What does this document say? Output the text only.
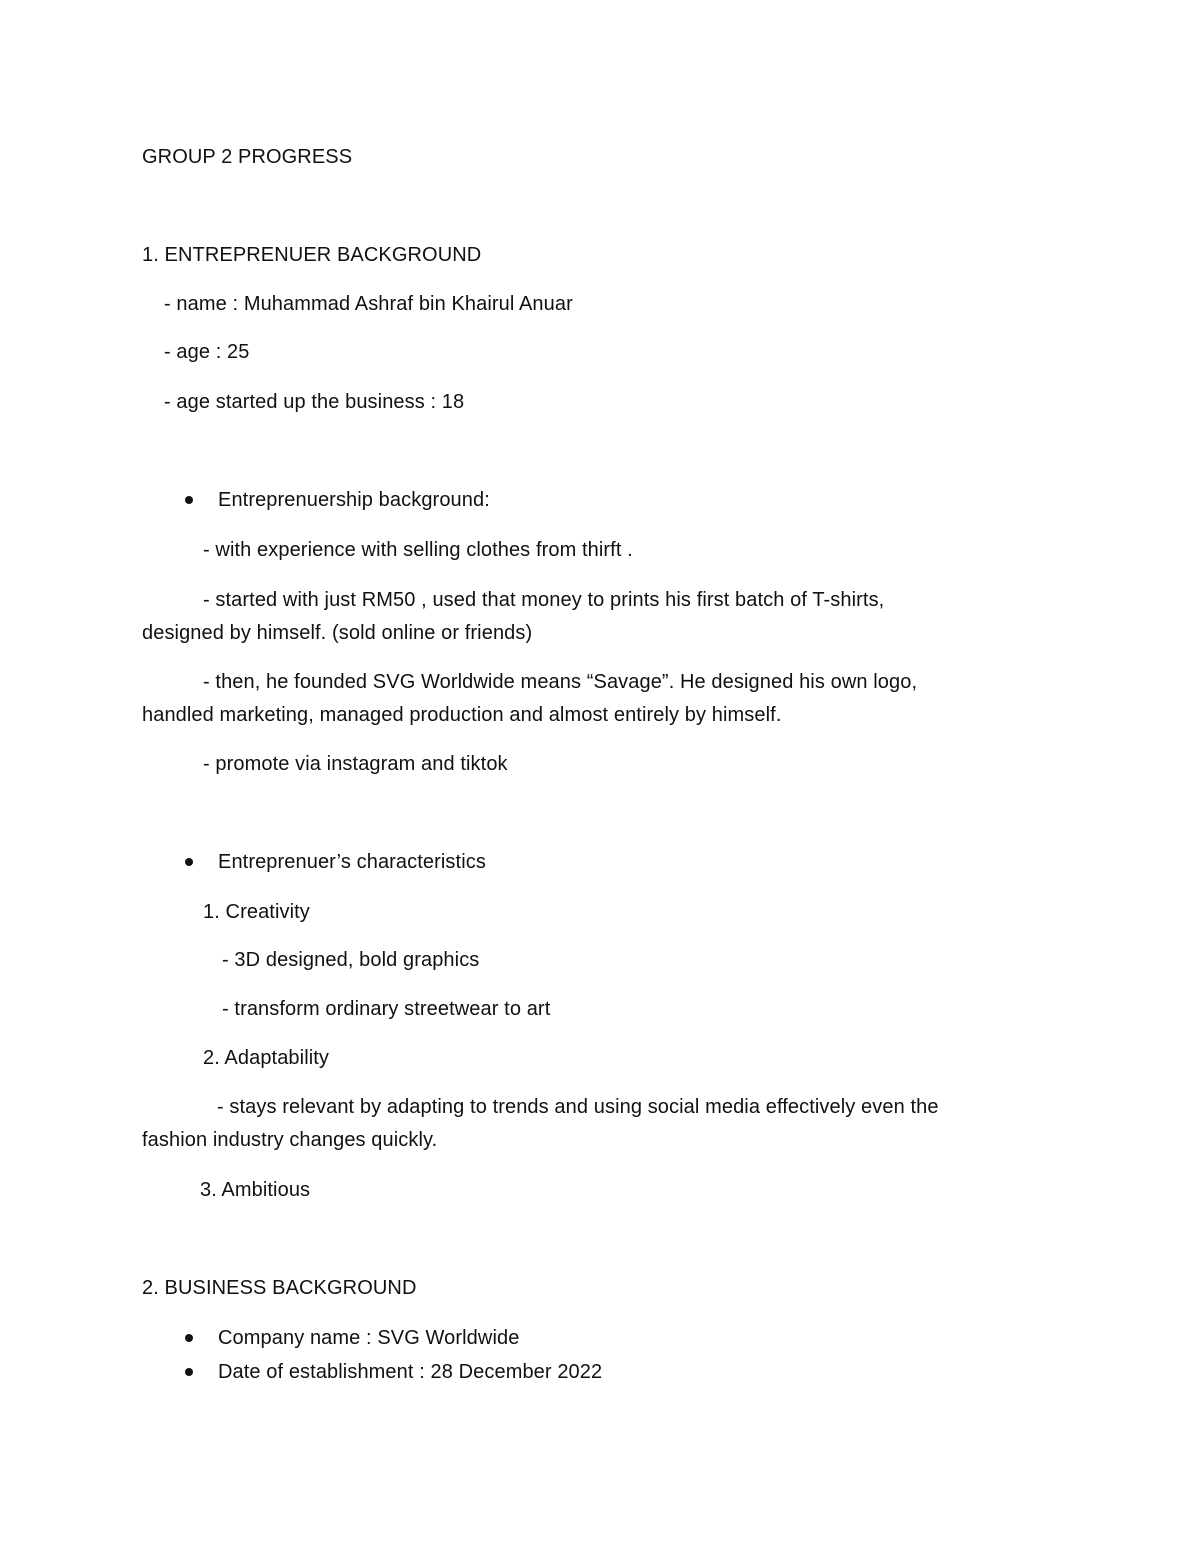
GROUP 2 PROGRESS
1. ENTREPRENUER BACKGROUND
- name : Muhammad Ashraf bin Khairul Anuar
- age : 25
- age started up the business : 18
Entreprenuership background:
- with experience with selling clothes from thirft .
- started with just RM50 , used that money to prints his first batch of T-shirts,
designed by himself. (sold online or friends)
- then, he founded SVG Worldwide means “Savage”. He designed his own logo,
handled marketing, managed production and almost entirely by himself.
- promote via instagram and tiktok
Entreprenuer’s characteristics
1. Creativity
- 3D designed, bold graphics
- transform ordinary streetwear to art
2. Adaptability
- stays relevant by adapting to trends and using social media effectively even the
fashion industry changes quickly.
3. Ambitious
2. BUSINESS BACKGROUND
Company name : SVG Worldwide
Date of establishment : 28 December 2022
